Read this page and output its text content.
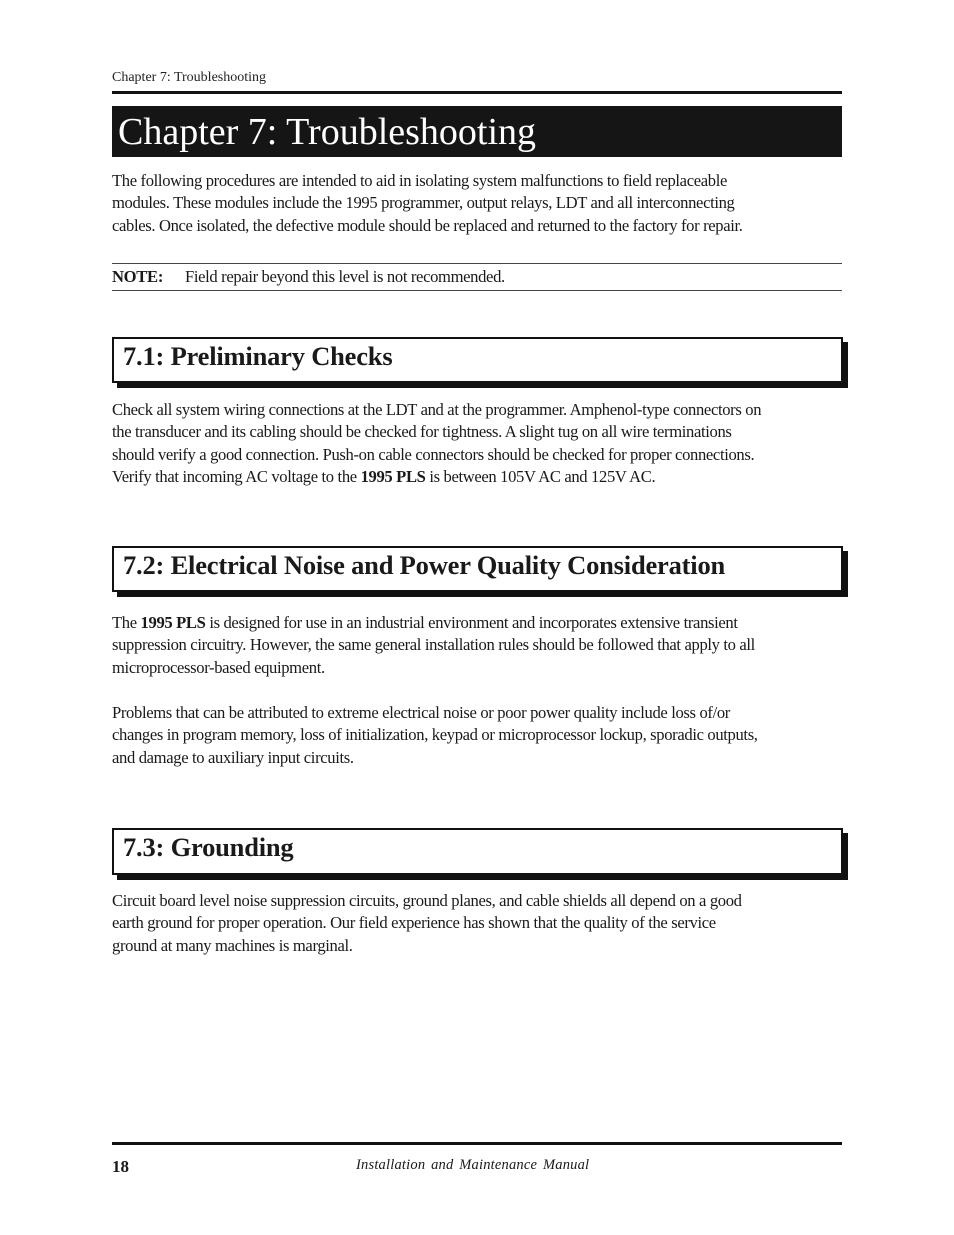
Chapter 7: Troubleshooting
Chapter 7: Troubleshooting

The following procedures are intended to aid in isolating system malfunctions to field replaceable
modules. These modules include the 1995 programmer, output relays, LDT and all interconnecting
cables. Once isolated, the defective module should be replaced and returned to the factory for repair.

NOTE: Field repair beyond this level is not recommended.
7.1: Preliminary Checks

Check all system wiring connections at the LDT and at the programmer. Amphenol-type connectors on
the transducer and its cabling should be checked for tightness. A slight tug on all wire terminations
should verify a good connection. Push-on cable connectors should be checked for proper connections.
Verify that incoming AC voltage to the 1995 PLS is between 105V AC and 125V AC.

7.2: Electrical Noise and Power Quality Consideration

The 1995 PLS is designed for use in an industrial environment and incorporates extensive transient
suppression circuitry. However, the same general installation rules should be followed that apply to all
microprocessor-based equipment.

Problems that can be attributed to extreme electrical noise or poor power quality include loss of/or
changes in program memory, loss of initialization, keypad or microprocessor lockup, sporadic outputs,
and damage to auxiliary input circuits.

7.3: Grounding

Circuit board level noise suppression circuits, ground planes, and cable shields all depend on a good
earth ground for proper operation. Our field experience has shown that the quality of the service
ground at many machines is marginal.

18	Installation and Maintenance Manual
